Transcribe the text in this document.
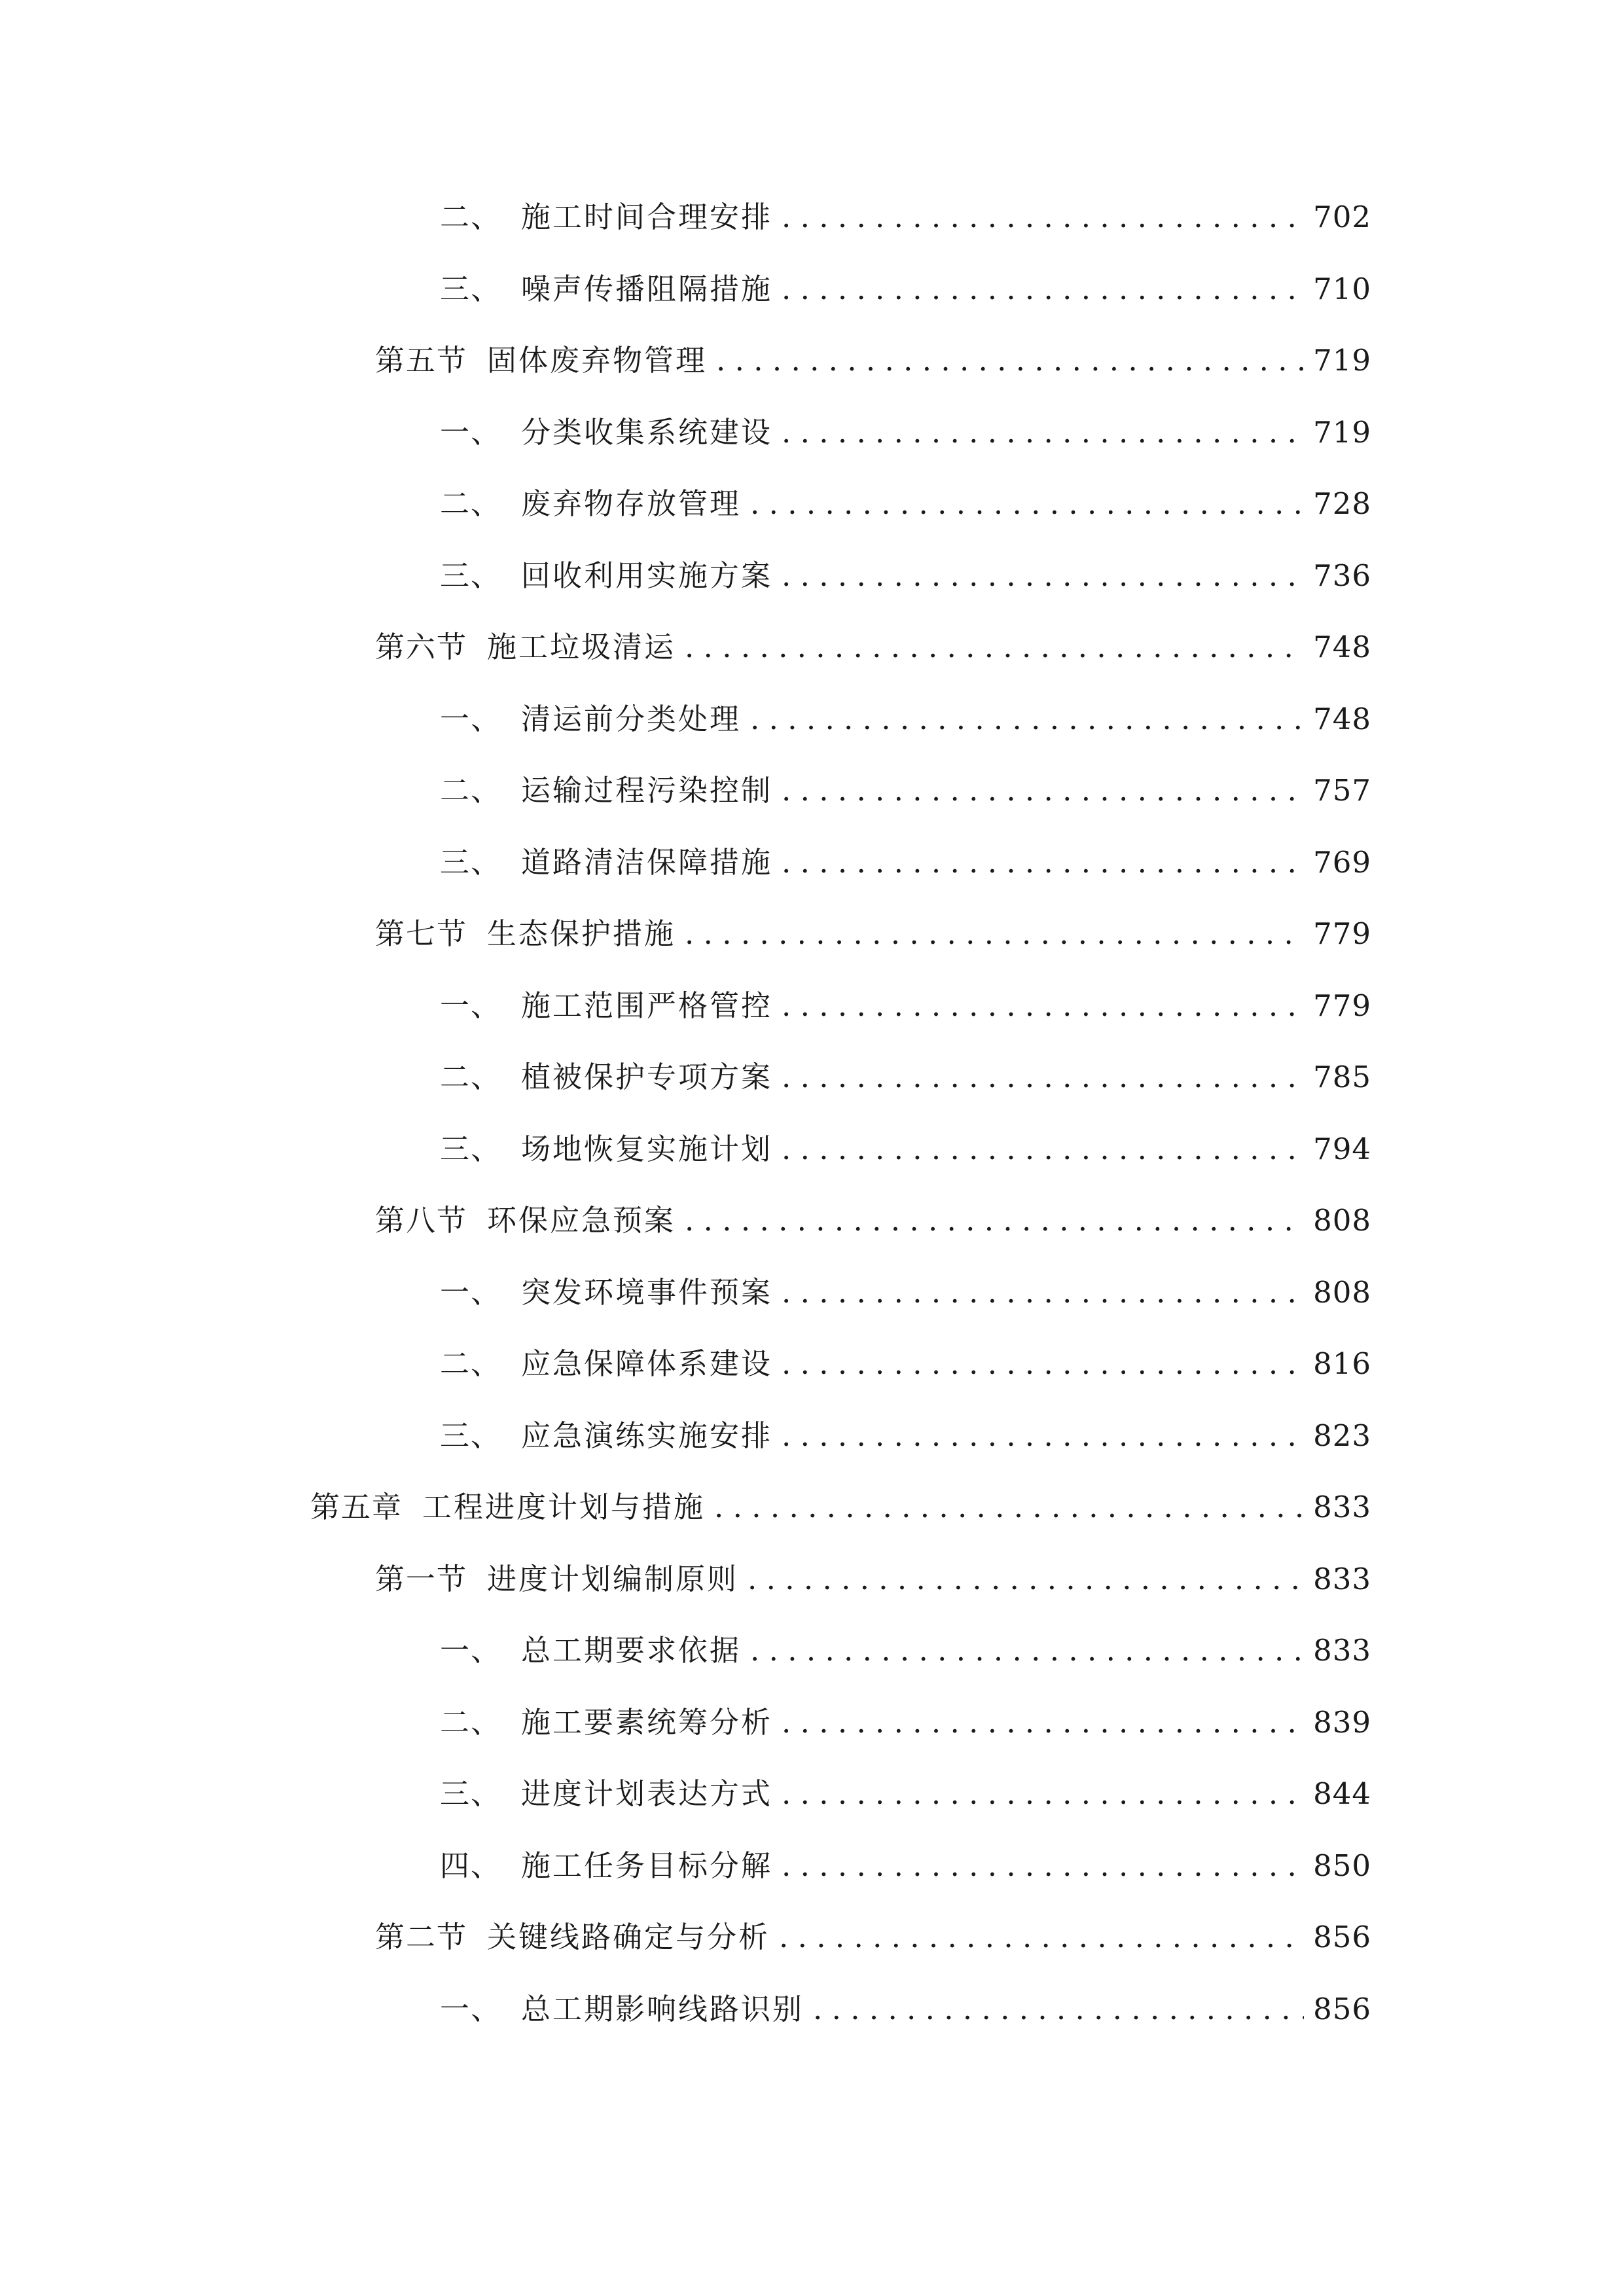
二、 施工时间合理安排 . . .	702
三、 噪声传播阻隔措施 . . .	710
第五节 固体废弃物管理 . . .	719
一、 分类收集系统建设 . . .	719
二、 废弃物存放管理 . . .	728
三、 回收利用实施方案 . . .	736
第六节 施工垃圾清运 . . .	748
一、 清运前分类处理 . . .	748
二、 运输过程污染控制 . . .	757
三、 道路清洁保障措施 . . .	769
第七节 生态保护措施 . . .	779
一、 施工范围严格管控 . . .	779
二、 植被保护专项方案 . . .	785
三、 场地恢复实施计划 . . .	794
第八节 环保应急预案 . . .	808
一、 突发环境事件预案 . . .	808
二、 应急保障体系建设 . . .	816
三、 应急演练实施安排 . . .	823
第五章 工程进度计划与措施 . . .	833
第一节 进度计划编制原则 . . .	833
一、 总工期要求依据 . . .	833
二、 施工要素统筹分析 . . .	839
三、 进度计划表达方式 . . .	844
四、 施工任务目标分解 . . .	850
第二节 关键线路确定与分析 . . .	856
一、 总工期影响线路识别 . . .	856
